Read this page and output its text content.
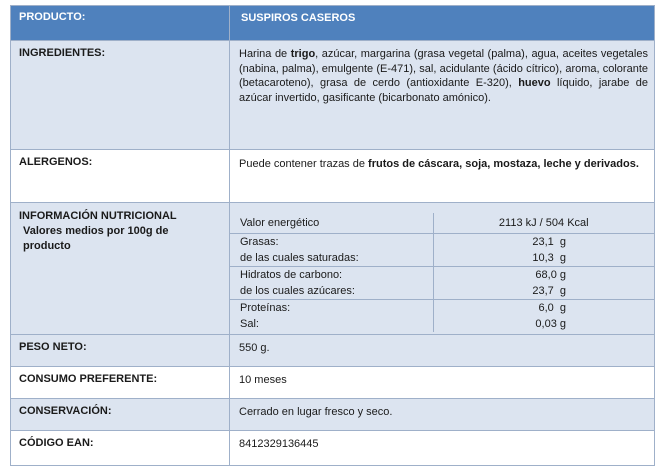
PRODUCTO:	SUSPIROS CASEROS
INGREDIENTES:	Harina de trigo, azúcar, margarina (grasa vegetal (palma), agua, aceites vegetales (nabina, palma), emulgente (E-471), sal, acidulante (ácido cítrico), aroma, colorante (betacaroteno), grasa de cerdo (antioxidante E-320), huevo líquido, jarabe de azúcar invertido, gasificante (bicarbonato amónico).
ALERGENOS:	Puede contener trazas de frutos de cáscara, soja, mostaza, leche y derivados.

INFORMACIÓN NUTRICIONAL
Valores medios por 100g de producto

Valor energético	2113 kJ / 504 Kcal
Grasas:	23,1  g
de las cuales saturadas:	10,3  g
Hidratos de carbono:	68,0 g
de los cuales azúcares:	23,7  g
Proteínas:	6,0  g
Sal:	0,03 g

PESO NETO:	550 g.
CONSUMO PREFERENTE:	10 meses
CONSERVACIÓN:	Cerrado en lugar fresco y seco.
CÓDIGO EAN:	8412329136445
